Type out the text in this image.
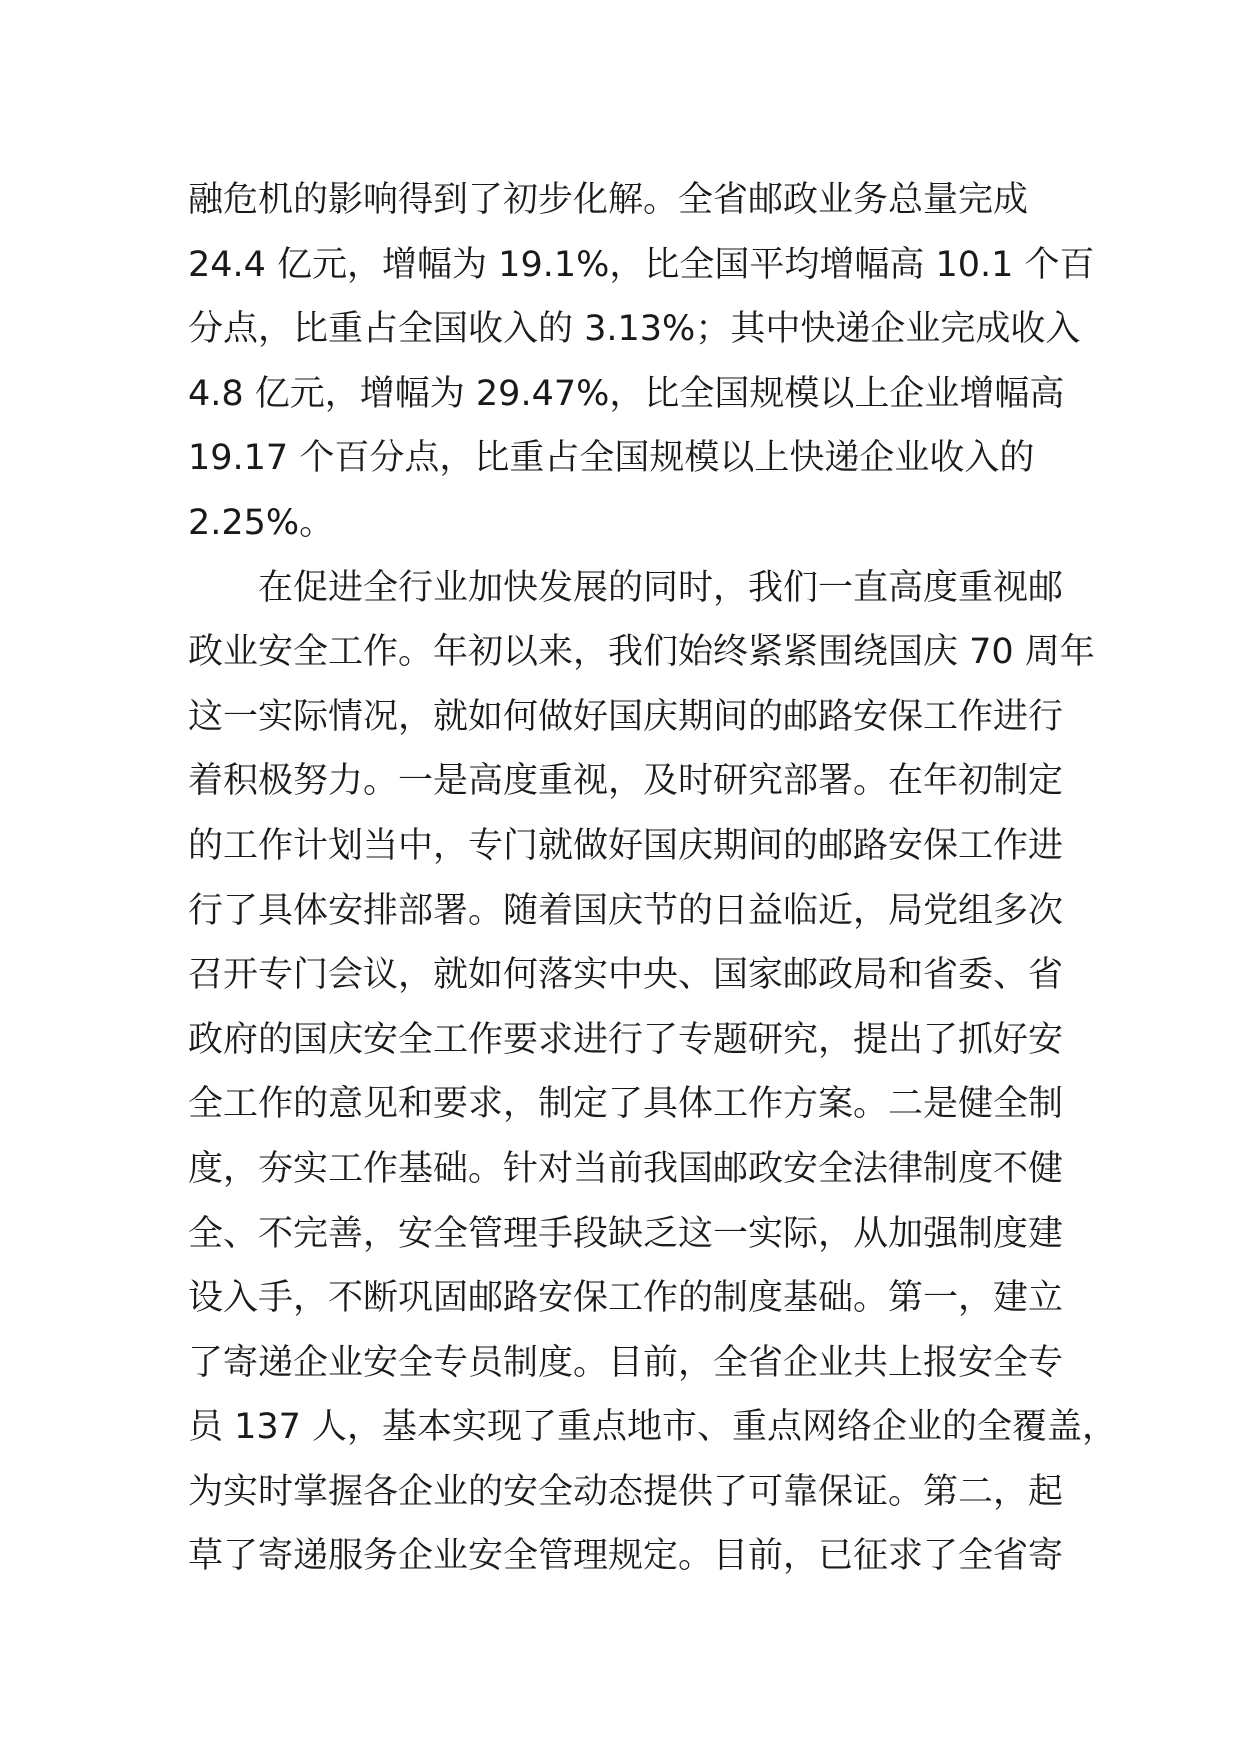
融危机的影响得到了初步化解。全省邮政业务总量完成
24.4 亿元，增幅为 19.1%，比全国平均增幅高 10.1 个百
分点，比重占全国收入的 3.13%；其中快递企业完成收入
4.8 亿元，增幅为 29.47%，比全国规模以上企业增幅高
19.17 个百分点，比重占全国规模以上快递企业收入的
2.25%。
在促进全行业加快发展的同时，我们一直高度重视邮
政业安全工作。年初以来，我们始终紧紧围绕国庆 70 周年
这一实际情况，就如何做好国庆期间的邮路安保工作进行
着积极努力。一是高度重视，及时研究部署。在年初制定
的工作计划当中，专门就做好国庆期间的邮路安保工作进
行了具体安排部署。随着国庆节的日益临近，局党组多次
召开专门会议，就如何落实中央、国家邮政局和省委、省
政府的国庆安全工作要求进行了专题研究，提出了抓好安
全工作的意见和要求，制定了具体工作方案。二是健全制
度，夯实工作基础。针对当前我国邮政安全法律制度不健
全、不完善，安全管理手段缺乏这一实际，从加强制度建
设入手，不断巩固邮路安保工作的制度基础。第一，建立
了寄递企业安全专员制度。目前，全省企业共上报安全专
员 137 人，基本实现了重点地市、重点网络企业的全覆盖，
为实时掌握各企业的安全动态提供了可靠保证。第二，起
草了寄递服务企业安全管理规定。目前，已征求了全省寄
